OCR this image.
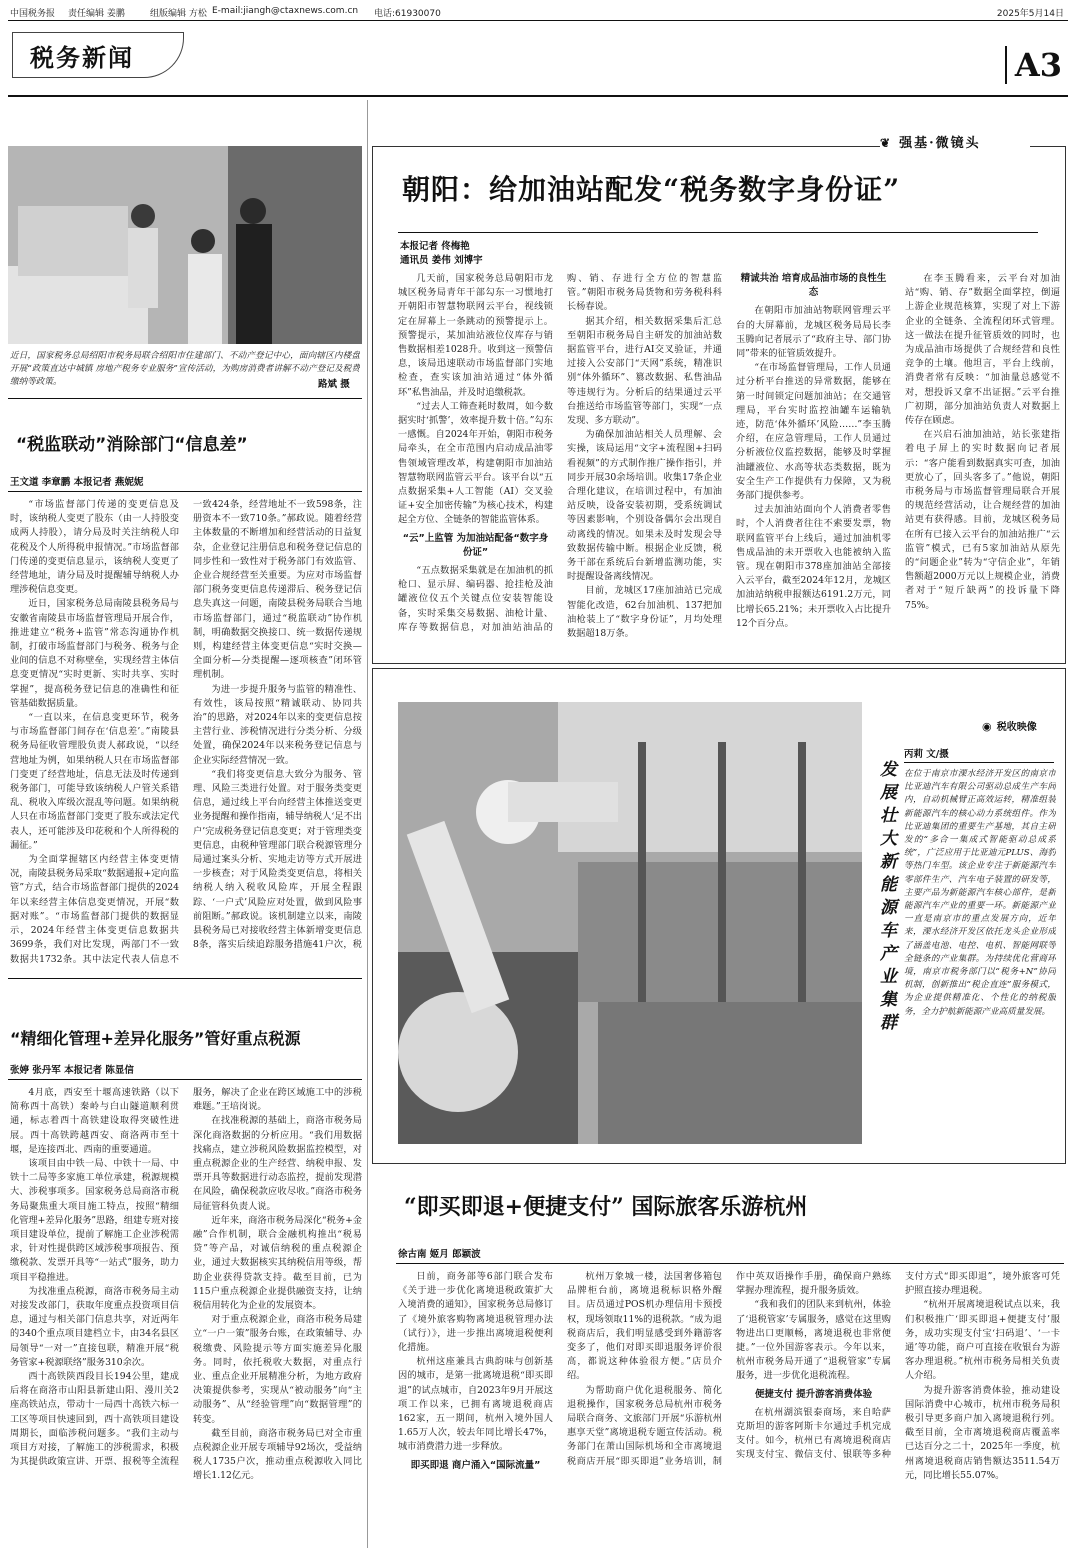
中国税务报 责任编辑 姜鹏	组版编辑 方松 E-mail:jiangh@ctaxnews.com.cn 电话:61930070	2025年5月14日
税务新闻	A3
近日，国家税务总局绍阳市税务局联合绍阳市住建部门、不动产登记中心，面向辖区内楼盘开展“政策直达中城镇 房地产税务专业服务”宣传活动，为购房消费者讲解不动产登记及税费缴纳等政策。	路斌 摄
“税监联动”消除部门“信息差”
王文道 李章鹏 本报记者 燕妮妮

“市场监督部门传递的变更信息及时，该纳税人变更了股东（由一人持股变成两人持股），请分局及时关注纳税人印花税及个人所得税申报情况。”市场监督部门传递的变更信息显示，该纳税人变更了经营地址，请分局及时提醒辅导纳税人办理涉税信息变更。

近日，国家税务总局南陵县税务局与安徽省南陵县市场监督管理局开展合作，推进建立“税务+监管”常态沟通协作机制，打破市场监督部门与税务、税务与企业间的信息不对称壁垒，实现经营主体信息变更情况“实时更新、实时共享、实时掌握”，提高税务登记信息的准确性和征管基础数据质量。

“一直以来，在信息变更环节，税务与市场监督部门间存在‘信息差’。”南陵县税务局征收管理股负责人郝政说，“以经营地址为例，如果纳税人只在市场监督部门变更了经营地址，信息无法及时传递到税务部门，可能导致该纳税人户管关系错乱、税收入库级次混乱等问题。如果纳税人只在市场监督部门变更了股东或法定代表人，还可能涉及印花税和个人所得税的漏征。”

为全面掌握辖区内经营主体变更情况，南陵县税务局采取“数据通报+定向监管”方式，结合市场监督部门提供的2024年以来经营主体信息变更情况，开展“数据对账”。“市场监督部门提供的数据显示，2024年经营主体变更信息数据共3699条，我们对比发现，两部门不一致数据共1732条。其中法定代表人信息不一致424条，经营地址不一致598条，注册资本不一致710条。”郝政说。随着经营主体数量的不断增加和经营活动的日益复杂，企业登记注册信息和税务登记信息的同步性和一致性对于税务部门有效监管、企业合规经营至关重要。为应对市场监督部门税务变更信息传递滞后、税务登记信息失真这一问题，南陵县税务局联合当地市场监督部门，通过“税监联动”协作机制，明确数据交换接口、统一数据传递规则，构建经营主体变更信息“实时交换—全面分析—分类提醒—逐项核查”闭环管理机制。

为进一步提升服务与监管的精准性、有效性，该局按照“精诚联动、协同共治”的思路，对2024年以来的变更信息按主营行业、涉税情况进行分类分析、分级处置，确保2024年以来税务登记信息与企业实际经营情况一致。

“我们将变更信息大致分为服务、管理、风险三类进行处置。对于服务类变更信息，通过线上平台向经营主体推送变更业务提醒和操作指南，辅导纳税人‘足不出户’完成税务登记信息变更；对于管理类变更信息，由税种管理部门联合税源管理分局通过案头分析、实地走访等方式开展进一步核查；对于风险类变更信息，将相关纳税人纳入税收风险库，开展全程跟踪、‘一户式’风险应对处置，做到风险事前阻断。”郝政说。该机制建立以来，南陵县税务局已对接收经营主体新增变更信息8条，落实后续追踪服务措施41户次，税

“精细化管理+差异化服务”管好重点税源
张婷 张丹军 本报记者 陈显信

4月底，西安至十堰高速铁路（以下简称西十高铁）秦岭与白山隧道顺利贯通，标志着西十高铁建设取得突破性进展。西十高铁跨越西安、商洛两市至十堰，是连接西北、西南的重要通道。

该项目由中铁一局、中铁十一局、中铁十二局等多家施工单位承建，税源规模大、涉税事项多。国家税务总局商洛市税务局聚焦重大项目施工特点，按照“精细化管理+差异化服务”思路，组建专班对接项目建设单位，提前了解施工企业涉税需求，针对性提供跨区域涉税事项报告、预缴税款、发票开具等“一站式”服务，助力项目平稳推进。

为找准重点税源，商洛市税务局主动对接发改部门，获取年度重点投资项目信息，通过与相关部门信息共享，对近两年的340个重点项目建档立卡，由34名县区局领导“一对一”直接包联，精准开展“税务管家+税源联络”服务310余次。

西十高铁陕西段目长194公里，建成后将在商洛市山阳县新建山阳、漫川关2座高铁站点，带动十一局西十高铁六标一工区等项目快速回到，西十高铁项目建设周期长，面临涉税问题多。“我们主动与项目方对接，了解施工的涉税需求，积极为其提供政策宣讲、开票、报税等全流程服务，解决了企业在跨区域施工中的涉税难题。”王培岗说。

在找准税源的基础上，商洛市税务局深化商洛数据的分析应用。“我们用数据找痛点，建立涉税风险数据监控模型，对重点税源企业的生产经营、纳税申报、发票开具等数据进行动态监控，提前发现潜在风险，确保税款应收尽收。”商洛市税务局征管科负责人说。

近年来，商洛市税务局深化“税务+金融”合作机制，联合金融机构推出“税易贷”等产品，对诚信纳税的重点税源企业，通过大数据核实其纳税信用等级，帮助企业获得贷款支持。截至目前，已为115户重点税源企业提供融资支持，让纳税信用转化为企业的发展资本。

对于重点税源企业，商洛市税务局建立“一户一策”服务台账，在政策辅导、办税缴费、风险提示等方面实施差异化服务。同时，依托税收大数据，对重点行业、重点企业开展精准分析，为地方政府决策提供参考，实现从“被动服务”向“主动服务”、从“经验管理”向“数据管理”的转变。

截至目前，商洛市税务局已对全市重点税源企业开展专项辅导92场次，受益纳税人1735户次，推动重点税源收入同比增长1.12亿元。

❦ 强基·微镜头
朝阳：给加油站配发“税务数字身份证”
本报记者 佟梅艳
通讯员 姜伟 刘博宇

几天前，国家税务总局朝阳市龙城区税务局青年干部勾东一习惯地打开朝阳市智慧物联网云平台，视线锁定在屏幕上一条跳动的预警提示上。预警提示，某加油站液位仪库存与销售数据相差1028升。收到这一预警信息，该局迅速联动市场监督部门实地检查，查实该加油站通过“体外循环”私售油品，并及时追缴税款。

“过去人工筛查耗时数周，如今数据实时‘抓警’，效率提升数十倍。”勾东一感慨。自2024年开始，朝阳市税务局牵头，在全市范围内启动成品油零售领域管理改革，构建朝阳市加油站智慧物联网监管云平台。该平台以“五点数据采集+人工智能（AI）交叉验证+安全加密传输”为核心技术，构建起全方位、全链条的智能监管体系。

“云”上监管 为加油站配备“数字身份证”

“五点数据采集就是在加油机的抓枪口、显示屏、编码器、抢挂枪及油罐液位仪五个关键点位安装智能设备，实时采集交易数据、油枪计量、库存等数据信息，对加油站油品的购、销、存进行全方位的智慧监管。”朝阳市税务局货物和劳务税科科长杨春说。

据其介绍，相关数据采集后汇总至朝阳市税务局自主研发的加油站数据监管平台，进行AI交叉验证，并通过接入公安部门“天网”系统，精准识别“体外循环”、篡改数据、私售油品等违规行为。分析后的结果通过云平台推送给市场监管等部门，实现“一点发现、多方联动”。

为确保加油站相关人员理解、会实操，该局运用“文字+流程图+扫码看视频”的方式制作推广操作指引，并同步开展30余场培训。收集17条企业合理化建议，在培训过程中，有加油站反映，设备安装初期，受系统调试等因素影响，个别设备偶尔会出现自动离线的情况。如果未及时发现会导致数据传输中断。根据企业反馈，税务干部在系统后台新增监测功能，实时提醒设备离线情况。

目前，龙城区17座加油站已完成智能化改造，62台加油机、137把加油枪装上了“数字身份证”，月均处理数据超18万条。

精诚共治 培育成品油市场的良性生态

在朝阳市加油站物联网管理云平台的大屏幕前，龙城区税务局局长李玉腾向记者展示了“政府主导、部门协同”带来的征管质效提升。

“在市场监督管理局，工作人员通过分析平台推送的异常数据，能够在第一时间锁定问题加油站；在交通管理局，平台实时监控油罐车运输轨迹，防范‘体外循环’风险……”李玉腾介绍，在应急管理局，工作人员通过分析液位仪监控数据，能够及时掌握油罐液位、水高等状态类数据，既为安全生产工作提供有力保障，又为税务部门提供参考。

过去加油站面向个人消费者零售时，个人消费者往往不索要发票，物联网监管平台上线后，通过加油机零售成品油的未开票收入也能被纳入监管。现在朝阳市378座加油站全部接入云平台，截至2024年12月，龙城区加油站纳税申报额达6191.2万元，同比增长65.21%；未开票收入占比提升12个百分点。

在李玉腾看来，云平台对加油站“购、销、存”数据全面掌控，倒逼上游企业规范核算，实现了对上下游企业的全链条、全流程闭环式管理。这一做法在提升征管质效的同时，也为成品油市场提供了合规经营和良性竞争的土壤。他坦言，平台上线前，消费者常有反映：“加油量总感觉不对，想投诉又拿不出证据。”云平台推广初期，部分加油站负责人对数据上传存在顾虑。

在兴启石油加油站，站长张建指着电子屏上的实时数据向记者展示：“客户能看到数据真实可查，加油更放心了，回头客多了。”他说，朝阳市税务局与市场监督管理局联合开展的规范经营活动，让合规经营的加油站更有获得感。目前，龙城区税务局在所有已接入云平台的加油站推广“云监管”模式，已有5家加油站从原先的“问题企业”转为“守信企业”，年销售额超2000万元以上规模企业，消费者对于“短斤缺两”的投诉量下降75%。

◉ 税收映像
发展壮大新能源车产业集群
丙莉 文/摄
在位于南京市溧水经济开发区的南京市比亚迪汽车有限公司驱动总成生产车间内，自动机械臂正高效运转，精准组装新能源汽车的核心动力系统组件。作为比亚迪集团的重要生产基地，其自主研发的“多合一集成式智能驱动总成系统”，广泛应用于比亚迪元PLUS、海豹等热门车型。该企业专注于新能源汽车零部件生产、汽车电子装置的研发等，主要产品为新能源汽车核心部件，是新能源汽车产业的重要一环。新能源产业一直是南京市的重点发展方向，近年来，溧水经济开发区依托龙头企业形成了涵盖电池、电控、电机、智能网联等全链条的产业集群。为持续优化营商环境，南京市税务部门以“税务+N”协同机制，创新推出“税企直连”服务模式，为企业提供精准化、个性化的纳税服务，全力护航新能源产业高质量发展。
“即买即退+便捷支付” 国际旅客乐游杭州
徐古南 姬月 郎颖波

日前，商务部等6部门联合发布《关于进一步优化离境退税政策扩大入境消费的通知》，国家税务总局修订了《境外旅客购物离境退税管理办法（试行）》，进一步推出离境退税便利化措施。

杭州这座兼具古典韵味与创新基因的城市，是第一批离境退税“即买即退”的试点城市，自2023年9月开展这项工作以来，已拥有离境退税商店162家，五一期间，杭州入境外国人1.65万人次，较去年同比增长47%，城市消费潜力进一步释放。

即买即退 商户涌入“国际流量”

杭州万象城一楼，法国奢侈箱包品牌柜台前，离境退税标识格外醒目。店员通过POS机办理信用卡预授权，现场领取11%的退税款。“成为退税商店后，我们明显感受到外籍游客变多了，他们对即买即退服务评价很高，都说这种体验很方便。”店员介绍。

为帮助商户优化退税服务、简化退税操作，国家税务总局杭州市税务局联合商务、文旅部门开展“乐游杭州 惠享天堂”离境退税专题宣传活动。税务部门在萧山国际机场和全市离境退税商店开展“即买即退”业务培训，制作中英双语操作手册，确保商户熟练掌握办理流程，提升服务质效。

“我和我们的团队来到杭州，体验了‘退税管家’专属服务，感觉在这里购物进出口更顺畅，离境退税也非常便捷。”一位外国游客表示。今年以来，杭州市税务局开通了“退税管家”专属服务，进一步优化退税流程。

便捷支付 提升游客消费体验

在杭州湖滨银泰商场，来自哈萨克斯坦的游客阿斯卡尔通过手机完成支付。如今，杭州已有离境退税商店实现支付宝、微信支付、银联等多种支付方式“即买即退”，境外旅客可凭护照直接办理退税。

“杭州开展离境退税试点以来，我们积极推广‘即买即退+便捷支付’服务，成功实现支付宝‘扫码退’、‘一卡通’等功能，商户可直接在收银台为游客办理退税。”杭州市税务局相关负责人介绍。

为提升游客消费体验，推动建设国际消费中心城市，杭州市税务局积极引导更多商户加入离境退税行列。截至目前，全市离境退税商店覆盖率已达百分之二十，2025年一季度，杭州离境退税商店销售额达3511.54万元，同比增长55.07%。
